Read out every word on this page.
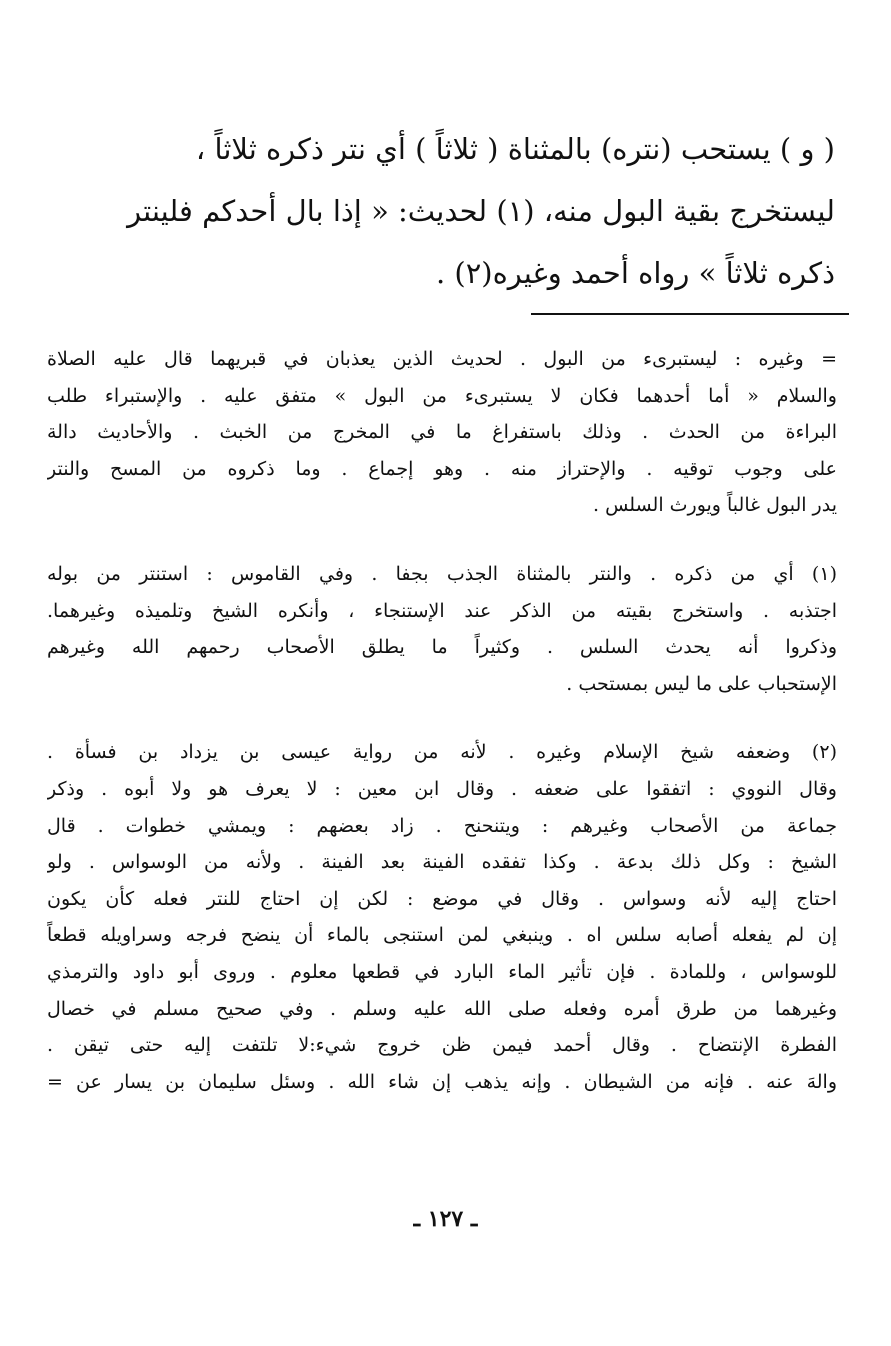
( و ) يستحب (نتره) بالمثناة ( ثلاثاً ) أي نتر ذكره ثلاثاً ،
ليستخرج بقية البول منه، (١) لحديث: « إذا بال أحدكم فلينتر
ذكره ثلاثاً » رواه أحمد وغيره(٢) .
= وغيره : ليستبرىء من البول . لحديث الذين يعذبان في قبريهما قال عليه الصلاة
والسلام « أما أحدهما فكان لا يستبرىء من البول » متفق عليه . والإستبراء طلب
البراءة من الحدث . وذلك باستفراغ ما في المخرج من الخبث . والأحاديث دالة
على وجوب توقيه . والإحتراز منه . وهو إجماع . وما ذكروه من المسح والنتر
يدر البول غالباً ويورث السلس .
(١) أي من ذكره . والنتر بالمثناة الجذب بجفا . وفي القاموس : استنتر من بوله
اجتذبه . واستخرج بقيته من الذكر عند الإستنجاء ، وأنكره الشيخ وتلميذه وغيرهما.
وذكروا أنه يحدث السلس . وكثيراً ما يطلق الأصحاب رحمهم الله وغيرهم
الإستحباب على ما ليس بمستحب .
(٢) وضعفه شيخ الإسلام وغيره . لأنه من رواية عيسى بن يزداد بن فسأة .
وقال النووي : اتفقوا على ضعفه . وقال ابن معين : لا يعرف هو ولا أبوه . وذكر
جماعة من الأصحاب وغيرهم : ويتنحنح . زاد بعضهم : ويمشي خطوات . قال
الشيخ : وكل ذلك بدعة . وكذا تفقده الفينة بعد الفينة . ولأنه من الوسواس . ولو
احتاج إليه لأنه وسواس . وقال في موضع : لكن إن احتاج للنتر فعله كأن يكون
إن لم يفعله أصابه سلس اه . وينبغي لمن استنجى بالماء أن ينضح فرجه وسراويله قطعاً
للوسواس ، وللمادة . فإن تأثير الماء البارد في قطعها معلوم . وروى أبو داود والترمذي
وغيرهما من طرق أمره وفعله صلى الله عليه وسلم . وفي صحيح مسلم في خصال
الفطرة الإنتضاح . وقال أحمد فيمن ظن خروج شيء:لا تلتفت إليه حتى تيقن .
والهَ عنه . فإنه من الشيطان . وإنه يذهب إن شاء الله . وسئل سليمان بن يسار عن =
ـ ١٢٧ ـ
